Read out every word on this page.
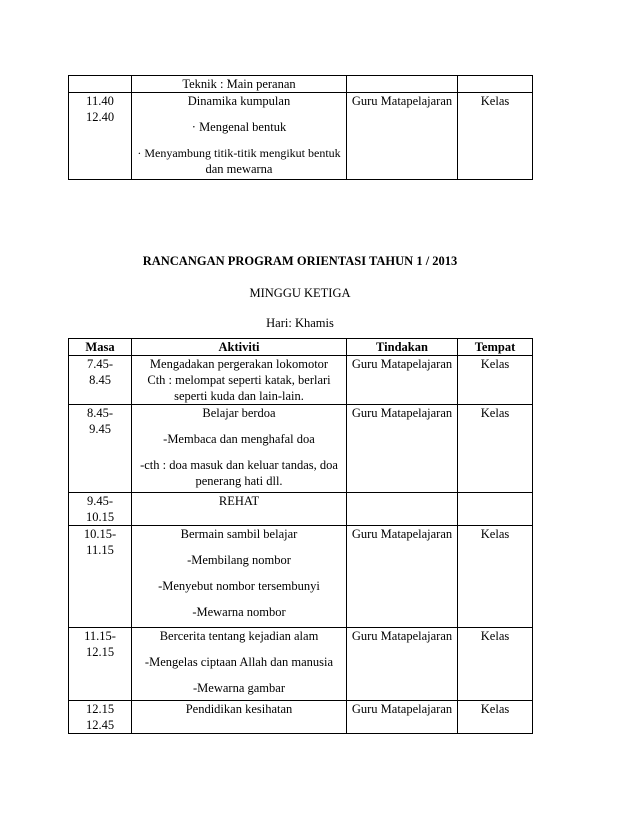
	Teknik : Main peranan		

11.40
12.40	Dinamika kumpulan
· Mengenal bentuk
· Menyambung titik-titik mengikut bentuk
dan mewarna	Guru Matapelajaran	Kelas
RANCANGAN PROGRAM ORIENTASI TAHUN 1 / 2013
MINGGU KETIGA
Hari: Khamis
Masa	Aktiviti	Tindakan	Tempat

7.45-
8.45	Mengadakan pergerakan lokomotor
Cth : melompat seperti katak, berlari
seperti kuda dan lain-lain.	Guru Matapelajaran	Kelas

8.45-
9.45	Belajar berdoa
-Membaca dan menghafal doa
-cth : doa masuk dan keluar tandas, doa
penerang hati dll.	Guru Matapelajaran	Kelas

9.45-
10.15	REHAT		

10.15-
11.15	Bermain sambil belajar
-Membilang nombor
-Menyebut nombor tersembunyi
-Mewarna nombor	Guru Matapelajaran	Kelas

11.15-
12.15	Bercerita tentang kejadian alam
-Mengelas ciptaan Allah dan manusia
-Mewarna gambar	Guru Matapelajaran	Kelas

12.15
12.45	Pendidikan kesihatan	Guru Matapelajaran	Kelas
